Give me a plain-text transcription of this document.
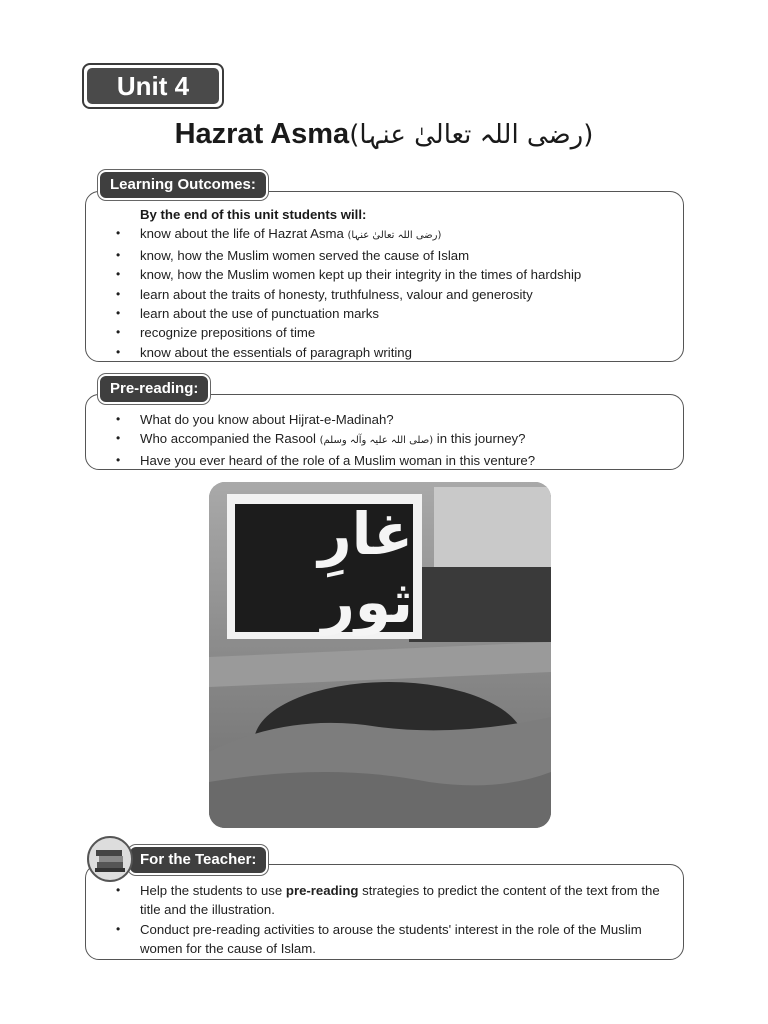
Unit 4
Hazrat Asma(رضی اللہ تعالیٰ عنہا)
By the end of this unit students will:
• know about the life of Hazrat Asma (رضی اللہ تعالیٰ عنہا)
• know, how the Muslim women served the cause of Islam
• know, how the Muslim women kept up their integrity in the times of hardship
• learn about the traits of honesty, truthfulness, valour and generosity
• learn about the use of punctuation marks
• recognize prepositions of time
• know about the essentials of paragraph writing
Learning Outcomes:
• What do you know about Hijrat-e-Madinah?
• Who accompanied the Rasool (صلی اللہ علیہ وآلہ وسلم) in this journey?
• Have you ever heard of the role of a Muslim woman in this venture?
Pre-reading:
غارِ ثور
• Help the students to use pre-reading strategies to predict the content of the text from the title and the illustration.
• Conduct pre-reading activities to arouse the students' interest in the role of the Muslim women for the cause of Islam.
For the Teacher:
